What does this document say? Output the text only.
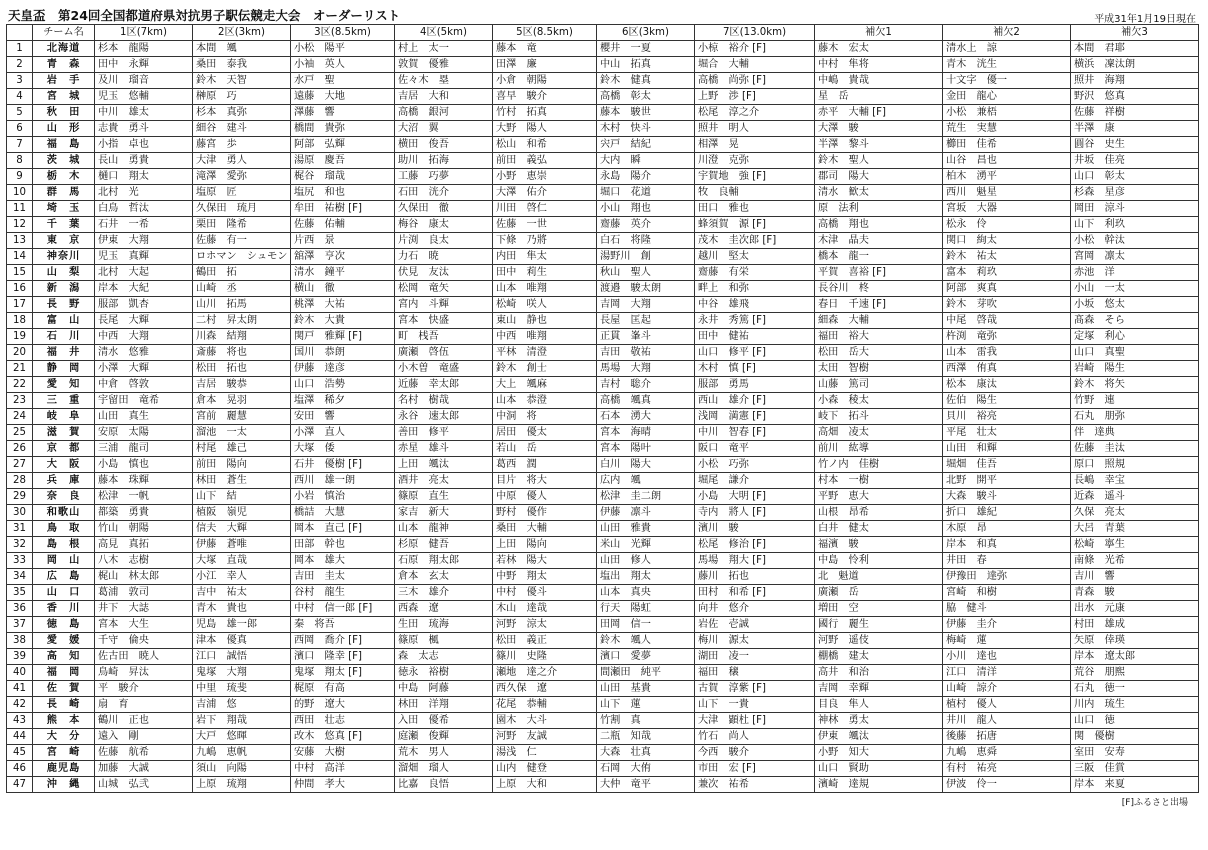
天皇盃　第24回全国都道府県対抗男子駅伝競走大会　オーダーリスト	平成31年1月19日現在
	チーム名	1区(7km)	2区(3km)	3区(8.5km)	4区(5km)	5区(8.5km)	6区(3km)	7区(13.0km)	補欠1	補欠2	補欠3
1	北海道	杉本　龍陽	本間　颯	小松　陽平	村上　太一	藤本　竜	櫻井　一夏	小椋　裕介 [F]	藤木　宏太	清水上　諒	本間　君耶
2	青　森	田中　永輝	桑田　泰我	小袖　英人	敦賀　優雅	田澤　廉	中山　拓真	堀合　大輔	中村　隼将	青木　洸生	横浜　凜汰朗
3	岩　手	及川　瑠音	鈴木　天智	水戸　聖	佐々木　塁	小倉　朝陽	鈴木　健真	高橋　尚弥 [F]	中嶋　貴哉	十文字　優一	照井　海翔
4	宮　城	児玉　悠輔	榊原　巧	遠藤　大地	吉居　大和	喜早　駿介	高橋　彰太	上野　渉 [F]	星　岳	金田　龍心	野沢　悠真
5	秋　田	中川　雄太	杉本　真弥	澤藤　響	高橋　銀河	竹村　拓真	藤本　駿世	松尾　淳之介	赤平　大輔 [F]	小松　兼梧	佐藤　祥樹
6	山　形	志貴　勇斗	細谷　建斗	橋間　貴弥	大沼　翼	大野　陽人	木村　快斗	照井　明人	大澤　駿	荒生　実慧	半澤　康
7	福　島	小指　卓也	藤宮　歩	阿部　弘輝	横田　俊吾	松山　和希	宍戸　結紀	相澤　晃	半澤　黎斗	櫛田　佳希	圓谷　史生
8	茨　城	長山　勇貴	大津　勇人	湯原　慶吾	助川　拓海	前田　義弘	大内　瞬	川澄　克弥	鈴木　聖人	山谷　昌也	井坂　佳亮
9	栃　木	樋口　翔太	滝澤　愛弥	梶谷　瑠哉	工藤　巧夢	小野　恵崇	永島　陽介	宇賀地　強 [F]	郡司　陽大	柏木　湧平	山口　彰太
10	群　馬	北村　光	塩原　匠	塩尻　和也	石田　洸介	大澤　佑介	堀口　花道	牧　良輔	清水　歓太	西川　魁星	杉森　星彦
11	埼　玉	白鳥　哲汰	久保田　琉月	牟田　祐樹 [F]	久保田　徹	川田　啓仁	小山　翔也	田口　雅也	原　法利	宮坂　大器	岡田　涼斗
12	千　葉	石井　一希	栗田　隆希	佐藤　佑輔	梅谷　康太	佐藤　一世	齋藤　英介	蜂須賀　源 [F]	高橋　翔也	松永　伶	山下　利玖
13	東　京	伊東　大翔	佐藤　有一	片西　景	片渕　良太	下條　乃將	白石　将隆	茂木　圭次郎 [F]	木津　晶夫	関口　絢太	小松　幹汰
14	神奈川	児玉　真輝	ロホマン　シュモン	舘澤　亨次	力石　暁	内田　隼太	湯野川　創	越川　堅太	橋本　龍一	鈴木　祐太	宮岡　凛太
15	山　梨	北村　大起	鶴田　拓	清水　鐘平	伏見　友汰	田中　莉生	秋山　聖人	齋藤　有栄	平賀　喜裕 [F]	富本　莉玖	赤池　洋
16	新　潟	岸本　大紀	山崎　丞	横山　徹	松岡　竜矢	山本　唯翔	渡邉　駿太朗	畔上　和弥	長谷川　柊	阿部　爽真	小山　一太
17	長　野	服部　凱杏	山川　拓馬	桃澤　大祐	宮内　斗輝	松崎　咲人	吉岡　大翔	中谷　雄飛	春日　千速 [F]	鈴木　芽吹	小坂　悠太
18	富　山	長尾　大輝	二村　昇太朗	鈴木　大貴	宮本　快盛	東山　静也	長屋　匡起	永井　秀篤 [F]	細森　大輔	中尾　啓哉	髙森　そら
19	石　川	中西　大翔	川森　結翔	関戸　雅輝 [F]	町　桟吾	中西　唯翔	正貫　峯斗	田中　健祐	福田　裕大	杵渕　竜弥	定塚　利心
20	福　井	清水　悠雅	斎藤　将也	国川　恭朗	廣瀬　啓伍	平林　清澄	吉田　敬祐	山口　修平 [F]	松田　岳大	山本　雷我	山口　真聖
21	静　岡	小澤　大輝	松田　拓也	伊藤　達彦	小木曽　竜盛	鈴木　創士	馬場　大翔	木村　慎 [F]	太田　智樹	西澤　侑真	岩崎　陽生
22	愛　知	中倉　啓敦	吉居　駿恭	山口　浩勢	近藤　幸太郎	大上　颯麻	吉村　聡介	服部　勇馬	山藤　篤司	松本　康汰	鈴木　将矢
23	三　重	宇留田　竜希	倉本　晃羽	塩澤　稀夕	名村　樹哉	山本　恭澄	高橋　颯真	西山　雄介 [F]	小森　稜太	佐伯　陽生	竹野　連
24	岐　阜	山田　真生	宮前　麗慧	安田　響	永谷　速太郎	中洞　将	石本　湧大	浅岡　満憲 [F]	岐下　拓斗	貝川　裕亮	石丸　朋弥
25	滋　賀	安原　太陽	溜池　一太	小澤　直人	善田　修平	居田　優太	宮本　海晴	中川　智春 [F]	高畑　凌太	平尾　壮太	伴　達典
26	京　都	三浦　龍司	村尾　雄己	大塚　倭	赤星　雄斗	若山　岳	宮本　陽叶	阪口　竜平	前川　紘導	山田　和輝	佐藤　圭汰
27	大　阪	小島　慎也	前田　陽向	石井　優樹 [F]	上田　颯汰	葛西　潤	白川　陽大	小松　巧弥	竹ノ内　佳樹	堀畑　佳吾	原口　照規
28	兵　庫	藤本　珠輝	林田　蒼生	西川　雄一朗	酒井　亮太	目片　将大	広内　颯	堀尾　謙介	村本　一樹	北野　開平	長嶋　幸宝
29	奈　良	松津　一帆	山下　結	小岩　慎治	篠原　直生	中原　優人	松津　圭二朗	小島　大明 [F]	平野　恵大	大森　駿斗	近森　遥斗
30	和歌山	都築　勇貴	植阪　嶺児	橋詰　大慧	家吉　新大	野村　優作	伊藤　凛斗	寺内　將人 [F]	山根　昂希	折口　雄紀	久保　亮太
31	鳥　取	竹山　朝陽	信夫　大輝	岡本　直己 [F]	山本　龍神	桑田　大輔	山田　雅貴	濱川　駿	白井　健太	木原　昂	大呂　青葉
32	島　根	高見　真拓	伊藤　蒼唯	田部　幹也	杉原　健吾	上田　陽向	米山　光輝	松尾　修治 [F]	福濱　駿	岸本　和真	松崎　寧生
33	岡　山	八木　志樹	大塚　直哉	岡本　雄大	石原　翔太郎	若林　陽大	山田　修人	馬場　翔大 [F]	中島　怜利	井田　春	南條　光希
34	広　島	梶山　林太郎	小江　幸人	吉田　圭太	倉本　玄太	中野　翔太	塩出　翔太	藤川　拓也	北　魁道	伊豫田　達弥	吉川　響
35	山　口	葛浦　敦司	吉中　祐太	谷村　龍生	三木　雄介	中村　優斗	山本　真央	田村　和希 [F]	廣瀬　岳	宮崎　和樹	青森　駿
36	香　川	井下　大誌	青木　貴也	中村　信一郎 [F]	西森　遼	木山　達哉	行天　陽虹	向井　悠介	増田　空	脇　健斗	出水　元康
37	徳　島	宮本　大生	児島　雄一郎	秦　将吾	生田　琉海	河野　涼太	田岡　信一	岩佐　壱誠	國行　麗生	伊藤　圭介	村田　雄成
38	愛　媛	千守　倫央	津本　優真	西岡　喬介 [F]	篠原　楓	松田　義正	鈴木　颯人	梅川　源太	河野　遥伎	梅崎　蓮	矢原　倖瑛
39	高　知	佐古田　暁人	江口　誠悟	濱口　隆幸 [F]	森　太志	篠川　史隆	濱口　愛夢	湖田　凌一	棚橋　建太	小川　達也	岸本　遼太郎
40	福　岡	鳥崎　昇汰	鬼塚　大翔	鬼塚　翔太 [F]	徳永　裕樹	瀬地　達之介	間瀬田　純平	福田　穣	高井　和治	江口　清洋	荒谷　朋熙
41	佐　賀	平　駿介	中里　琉斐	梶原　有高	中島　阿藤	西久保　遼	山田　基貴	古賀　淳紫 [F]	吉岡　幸輝	山崎　諒介	石丸　徳一
42	長　崎	扇　育	吉浦　悠	的野　遼大	林田　洋翔	花尾　恭輔	山下　蓮	山下　一貴	目良　隼人	植村　優人	川内　琉生
43	熊　本	鶴川　正也	岩下　翔哉	西田　壮志	入田　優希	園木　大斗	竹割　真	大津　顕杜 [F]	神林　勇太	井川　龍人	山口　徳
44	大　分	遠入　剛	大戸　悠暉	改木　悠真 [F]	庭瀬　俊輝	河野　友誠	二瓶　知哉	竹石　尚人	伊東　颯汰	後藤　拓唐	関　優樹
45	宮　崎	佐藤　航希	九嶋　恵帆	安藤　大樹	荒木　男人	湯浅　仁	大森　壮真	今西　駿介	小野　知大	九嶋　恵舜	室田　安寿
46	鹿児島	加藤　大誠	須山　向陽	中村　高洋	溜畑　瑠人	山内　健登	石岡　大侑	市田　宏 [F]	山口　賢助	有村　祐亮	三阪　佳賞
47	沖　縄	山城　弘弐	上原　琉翔	仲間　孝大	比嘉　良悟	上原　大和	大仲　竜平	兼次　祐希	濱崎　達規	伊波　伶一	岸本　来夏
[F]ふるさと出場
